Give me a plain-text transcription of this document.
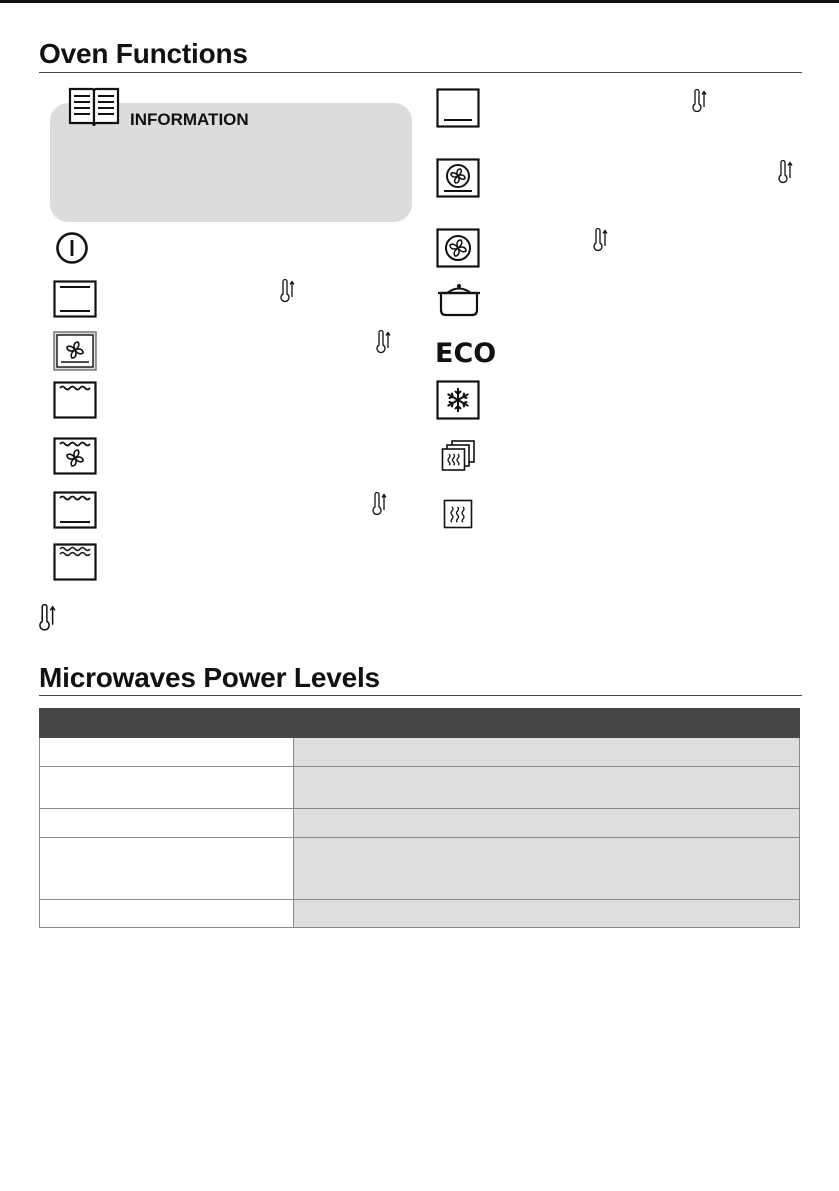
Oven Functions
INFORMATION
ECO
Microwaves Power Levels
